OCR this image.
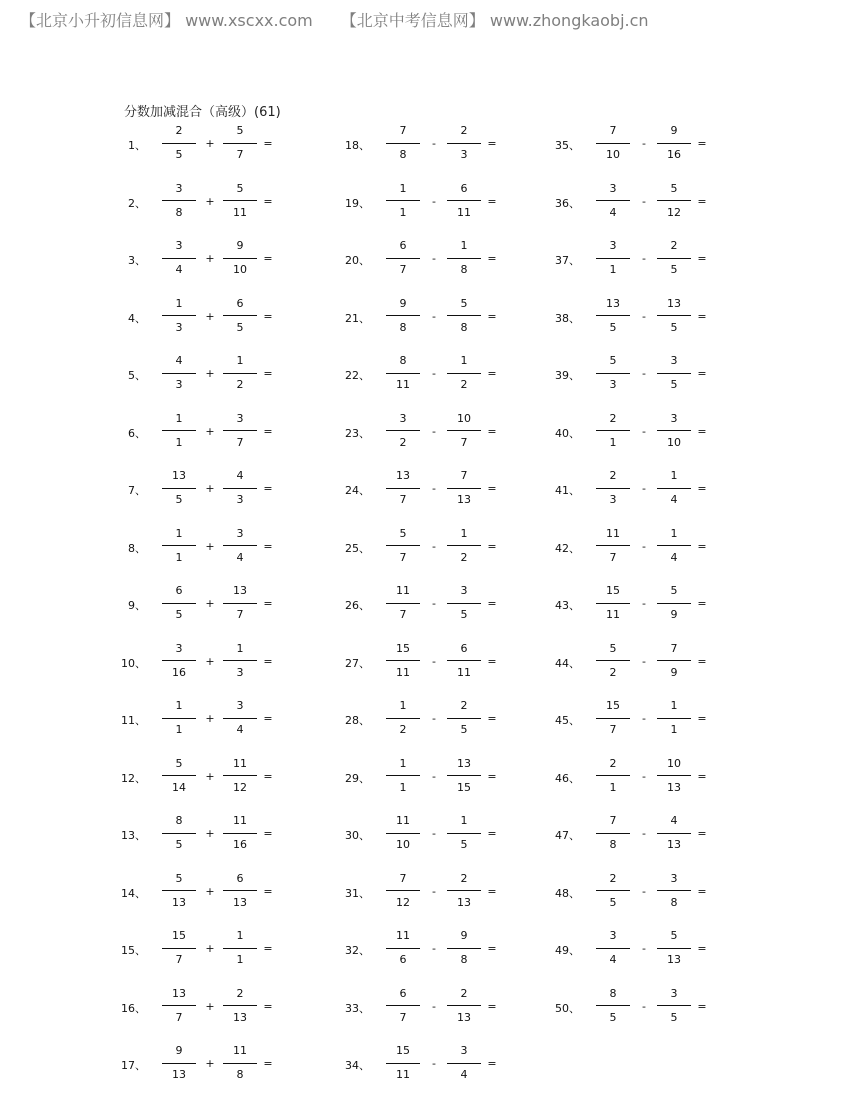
【北京小升初信息网】 www.xscxx.com 【北京中考信息网】 www.zhongkaobj.cn
分数加减混合（高级）(61)
1、
2
5
+
5
7
=
2、
3
8
+
5
11
=
3、
3
4
+
9
10
=
4、
1
3
+
6
5
=
5、
4
3
+
1
2
=
6、
1
1
+
3
7
=
7、
13
5
+
4
3
=
8、
1
1
+
3
4
=
9、
6
5
+
13
7
=
10、
3
16
+
1
3
=
11、
1
1
+
3
4
=
12、
5
14
+
11
12
=
13、
8
5
+
11
16
=
14、
5
13
+
6
13
=
15、
15
7
+
1
1
=
16、
13
7
+
2
13
=
17、
9
13
+
11
8
=
18、
7
8
-
2
3
=
19、
1
1
-
6
11
=
20、
6
7
-
1
8
=
21、
9
8
-
5
8
=
22、
8
11
-
1
2
=
23、
3
2
-
10
7
=
24、
13
7
-
7
13
=
25、
5
7
-
1
2
=
26、
11
7
-
3
5
=
27、
15
11
-
6
11
=
28、
1
2
-
2
5
=
29、
1
1
-
13
15
=
30、
11
10
-
1
5
=
31、
7
12
-
2
13
=
32、
11
6
-
9
8
=
33、
6
7
-
2
13
=
34、
15
11
-
3
4
=
35、
7
10
-
9
16
=
36、
3
4
-
5
12
=
37、
3
1
-
2
5
=
38、
13
5
-
13
5
=
39、
5
3
-
3
5
=
40、
2
1
-
3
10
=
41、
2
3
-
1
4
=
42、
11
7
-
1
4
=
43、
15
11
-
5
9
=
44、
5
2
-
7
9
=
45、
15
7
-
1
1
=
46、
2
1
-
10
13
=
47、
7
8
-
4
13
=
48、
2
5
-
3
8
=
49、
3
4
-
5
13
=
50、
8
5
-
3
5
=
